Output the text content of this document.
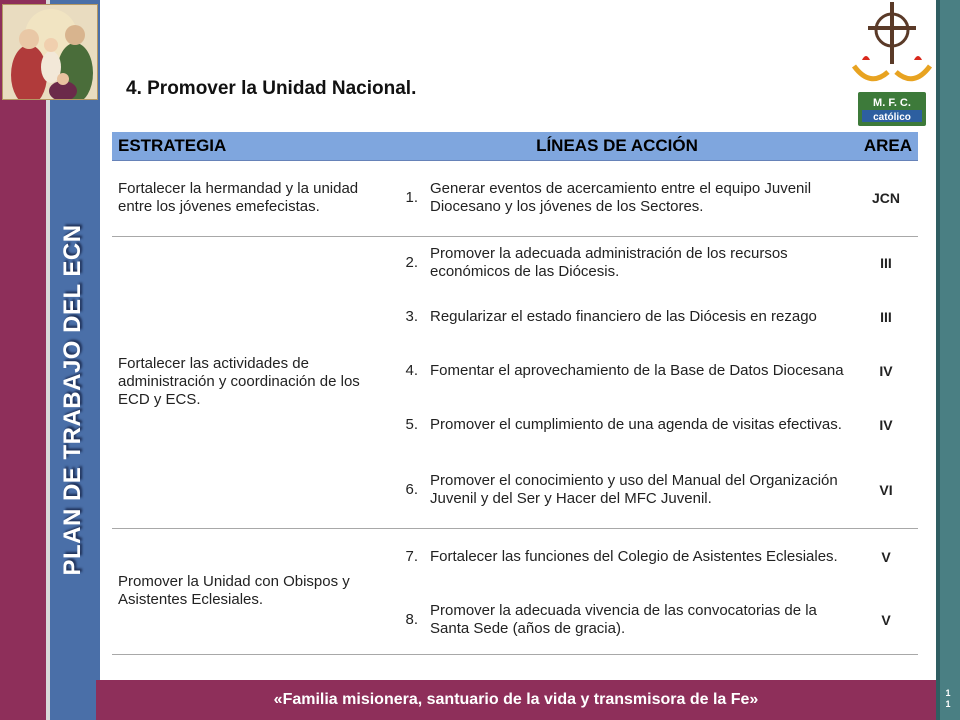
PLAN DE TRABAJO DEL ECN
4. Promover la Unidad Nacional.
M. F. C.
católico
ESTRATEGIA	LÍNEAS DE ACCIÓN		AREA
Fortalecer la hermandad y la unidad entre los jóvenes emefecistas.	1.	Generar eventos de acercamiento entre el equipo Juvenil Diocesano y los jóvenes de los Sectores.	JCN
Fortalecer las actividades de administración y coordinación de los ECD y ECS.	2.	Promover la adecuada administración de los recursos económicos de las Diócesis.	III
	3.	Regularizar el estado financiero de las Diócesis en rezago	III
	4.	Fomentar el aprovechamiento de la Base de Datos Diocesana	IV
	5.	Promover el cumplimiento de una agenda de visitas efectivas.	IV
	6.	Promover el conocimiento y uso del Manual del Organización Juvenil y del Ser y Hacer del MFC Juvenil.	VI
Promover la Unidad con Obispos y Asistentes Eclesiales.	7.	Fortalecer las funciones del Colegio de Asistentes Eclesiales.	V
	8.	Promover la adecuada vivencia de las convocatorias de la Santa Sede (años de gracia).	V
«Familia misionera, santuario de la vida y transmisora de la Fe»	1
1
